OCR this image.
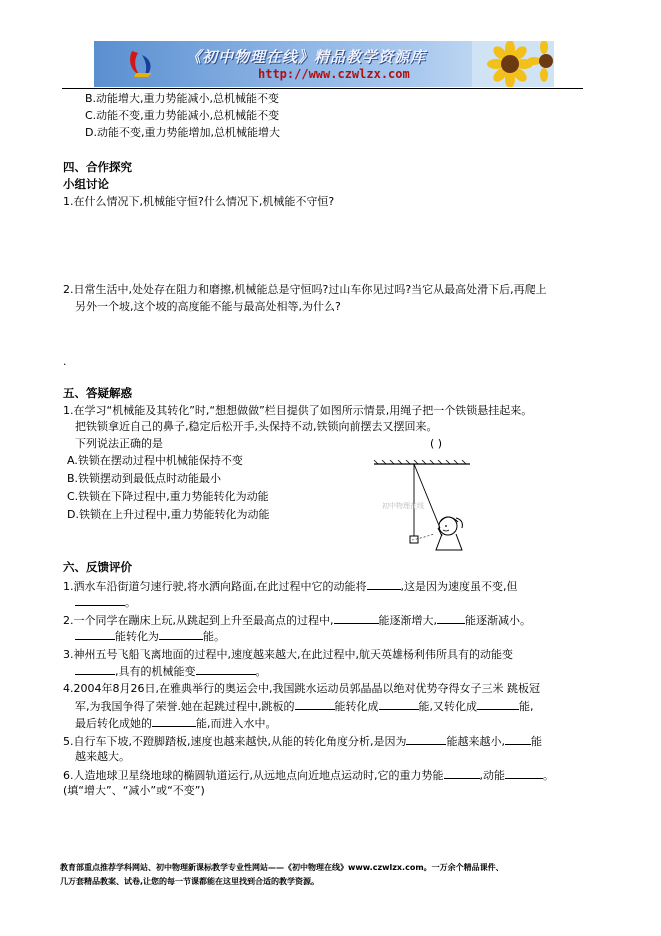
《初中物理在线》精品教学资源库
http://www.czwlzx.com
B.动能增大,重力势能减小,总机械能不变
C.动能不变,重力势能减小,总机械能不变
D.动能不变,重力势能增加,总机械能增大
四、合作探究
小组讨论
1.在什么情况下,机械能守恒?什么情况下,机械能不守恒?
2.日常生活中,处处存在阻力和磨擦,机械能总是守恒吗?过山车你见过吗?当它从最高处滑下后,再爬上
另外一个坡,这个坡的高度能不能与最高处相等,为什么?
.
五、答疑解惑
1.在学习“机械能及其转化”时,“想想做做”栏目提供了如图所示情景,用绳子把一个铁锁悬挂起来。
把铁锁拿近自己的鼻子,稳定后松开手,头保持不动,铁锁向前摆去又摆回来。
下列说法正确的是	( )
A.铁锁在摆动过程中机械能保持不变
B.铁锁摆动到最低点时动能最小
C.铁锁在下降过程中,重力势能转化为动能
D.铁锁在上升过程中,重力势能转化为动能
初中物理在线
六、反馈评价
1.洒水车沿街道匀速行驶,将水洒向路面,在此过程中它的动能将	,这是因为速度虽不变,但
。
2.一个同学在蹦床上玩,从跳起到上升至最高点的过程中,	能逐渐增大,	能逐渐减小。
能转化为	能。
3.神州五号飞船飞离地面的过程中,速度越来越大,在此过程中,航天英雄杨利伟所具有的动能变
,具有的机械能变	。
4.2004年8月26日,在雅典举行的奥运会中,我国跳水运动员郭晶晶以绝对优势夺得女子三米 跳板冠
军,为我国争得了荣誉.她在起跳过程中,跳板的	能转化成	能,又转化成	能,
最后转化成她的	能,而进入水中。
5.自行车下坡,不蹬脚踏板,速度也越来越快,从能的转化角度分析,是因为	能越来越小, 能
越来越大。
6.人造地球卫星绕地球的椭圆轨道运行,从远地点向近地点运动时,它的重力势能	,动能	。
(填“增大”、“减小”或“不变”)
教育部重点推荐学科网站、初中物理新课标教学专业性网站——《初中物理在线》www.czwlzx.com。一万余个精品课件、
几万套精品教案、试卷,让您的每一节课都能在这里找到合适的教学资源。
